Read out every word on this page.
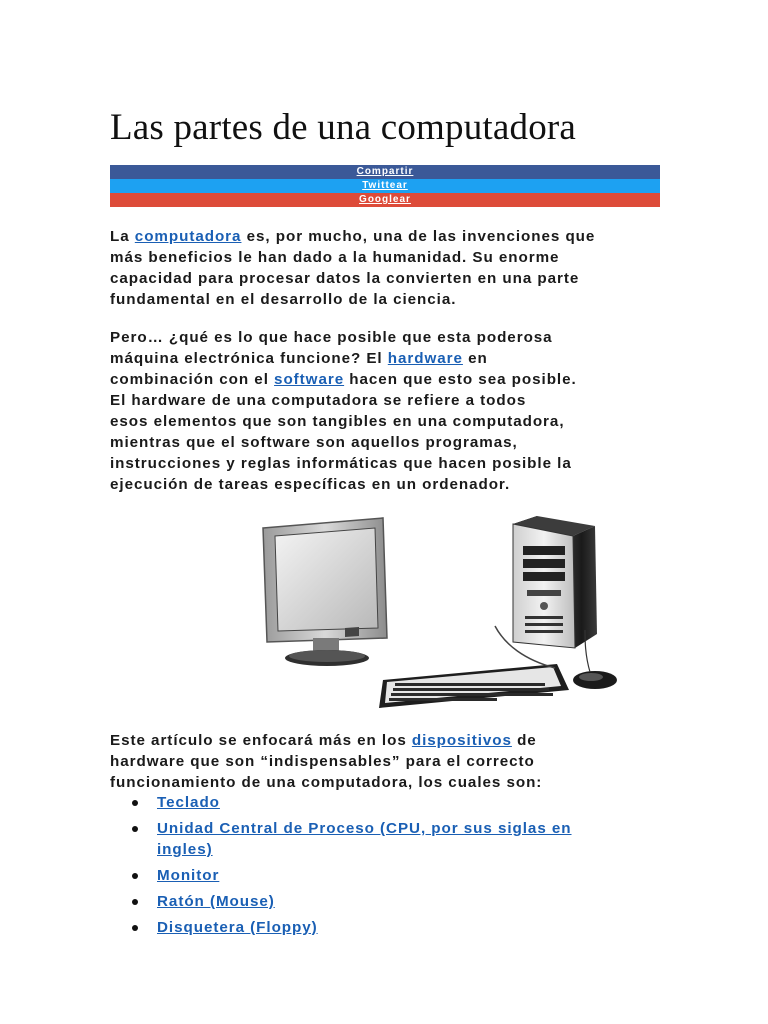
Las partes de una computadora
Compartir
Twittear
Googlear

La computadora es, por mucho, una de las invenciones que
más beneficios le han dado a la humanidad. Su enorme
capacidad para procesar datos la convierten en una parte
fundamental en el desarrollo de la ciencia.

Pero… ¿qué es lo que hace posible que esta poderosa
máquina electrónica funcione? El hardware en
combinación con el software hacen que esto sea posible.
El hardware de una computadora se refiere a todos
esos elementos que son tangibles en una computadora,
mientras que el software son aquellos programas,
instrucciones y reglas informáticas que hacen posible la
ejecución de tareas específicas en un ordenador.

Este artículo se enfocará más en los dispositivos de
hardware que son “indispensables” para el correcto
funcionamiento de una computadora, los cuales son:

Teclado
Unidad Central de Proceso (CPU, por sus siglas en
ingles)
Monitor
Ratón (Mouse)
Disquetera (Floppy)
